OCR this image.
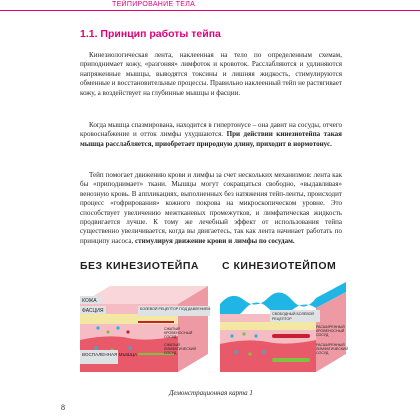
ТЕЙПИРОВАНИЕ ТЕЛА
1.1. Принцип работы тейпа

Кинезиологическая лента, наклеенная на тело по определенным схемам, приподнимает кожу, «разгоняя» лимфоток и кровоток. Расслабляются и удлиняются напряженные мышцы, выводятся токсины и лишняя жидкость, стимулируются обменные и восстановительные процессы. Правильно наклеенный тейп не растягивает кожу, а воздействует на глубинные мышцы и фасции.

Когда мышца спазмирована, находится в гипертонусе – она давит на сосуды, отчего кровоснабжение и отток лимфы ухудшаются. При действии кинезиотейпа такая мышца расслабляется, приобретает природную длину, приходит в нормотонус.

Тейп помогает движению крови и лимфы за счет нескольких механизмов: лента как бы «приподнимает» ткани. Мышцы могут сокращаться свободно, «выдавливая» венозную кровь. В аппликациях, выполненных без натяжения тейп-ленты, происходит процесс «гофрирования» кожного покрова на микроскопическом уровне. Это способствует увеличению межтканевых промежутков, и лимфатическая жидкость продвигается лучше. К тому же лечебный эффект от использования тейпа существенно увеличивается, когда вы двигаетесь, так как лента начинает работать по принципу насоса, стимулируя движение крови и лимфы по сосудам.

БЕЗ КИНЕЗИОТЕЙПА С КИНЕЗИОТЕЙПОМ
БОЛЕВОЙ РЕЦЕПТОР ПОД ДАВЛЕНИЕМ
КОЖА
ФАСЦИЯ
СЖАТЫЙ
КРОВЕНОСНЫЙ
СОСУД
СЖАТЫЙ
ЛИМФАТИЧЕСКИЙ
СОСУД
ВОСПАЛЕННАЯ МЫШЦА
СВОБОДНЫЙ БОЛЕВОЙ
РЕЦЕПТОР
РАСШИРЕННЫЙ
КРОВЕНОСНЫЙ
СОСУД
РАСШИРЕННЫЙ
ЛИМФАТИЧЕСКИЙ
СОСУД

Демонстрационная карта 1

8
